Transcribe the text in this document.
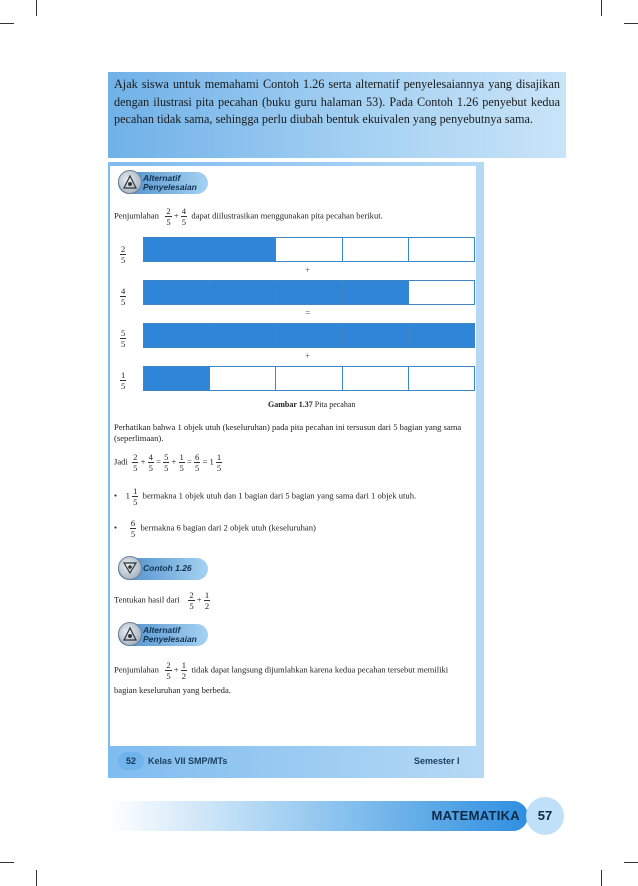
Ajak siswa untuk memahami Contoh 1.26 serta alternatif penyelesaiannya yang disajikan dengan ilustrasi pita pecahan (buku guru halaman 53). Pada Contoh 1.26 penyebut kedua pecahan tidak sama, sehingga perlu diubah bentuk ekuivalen yang penyebutnya sama.
Alternatif
Penyelesaian
Penjumlahan $\frac{2}{5} + \frac{4}{5}$ dapat diilustrasikan menggunakan pita pecahan berikut.
$\frac{2}{5}$
$\frac{4}{5}$
$\frac{5}{5}$
$\frac{1}{5}$
+
=
+
Gambar 1.37 Pita pecahan
Perhatikan bahwa 1 objek utuh (keseluruhan) pada pita pecahan ini tersusun dari 5 bagian yang sama (seperlimaan).
Jadi $\frac{2}{5} + \frac{4}{5} = \frac{5}{5} + \frac{1}{5} = \frac{6}{5} = 1 \frac{1}{5}$
•    $1 \frac{1}{5}$ bermakna 1 objek utuh dan 1 bagian dari 5 bagian yang sama dari 1 objek utuh.
• $\frac{6}{5}$ bermakna 6 bagian dari 2 objek utuh (keseluruhan)
Contoh 1.26
Tentukan hasil dari $\frac{2}{5} + \frac{1}{2}$
Alternatif
Penyelesaian
Penjumlahan $\frac{2}{5} + \frac{1}{2}$ tidak dapat langsung dijumlahkan karena kedua pecahan tersebut memiliki
bagian keseluruhan yang berbeda.
52	Kelas VII SMP/MTs	Semester I
MATEMATIKA	57
